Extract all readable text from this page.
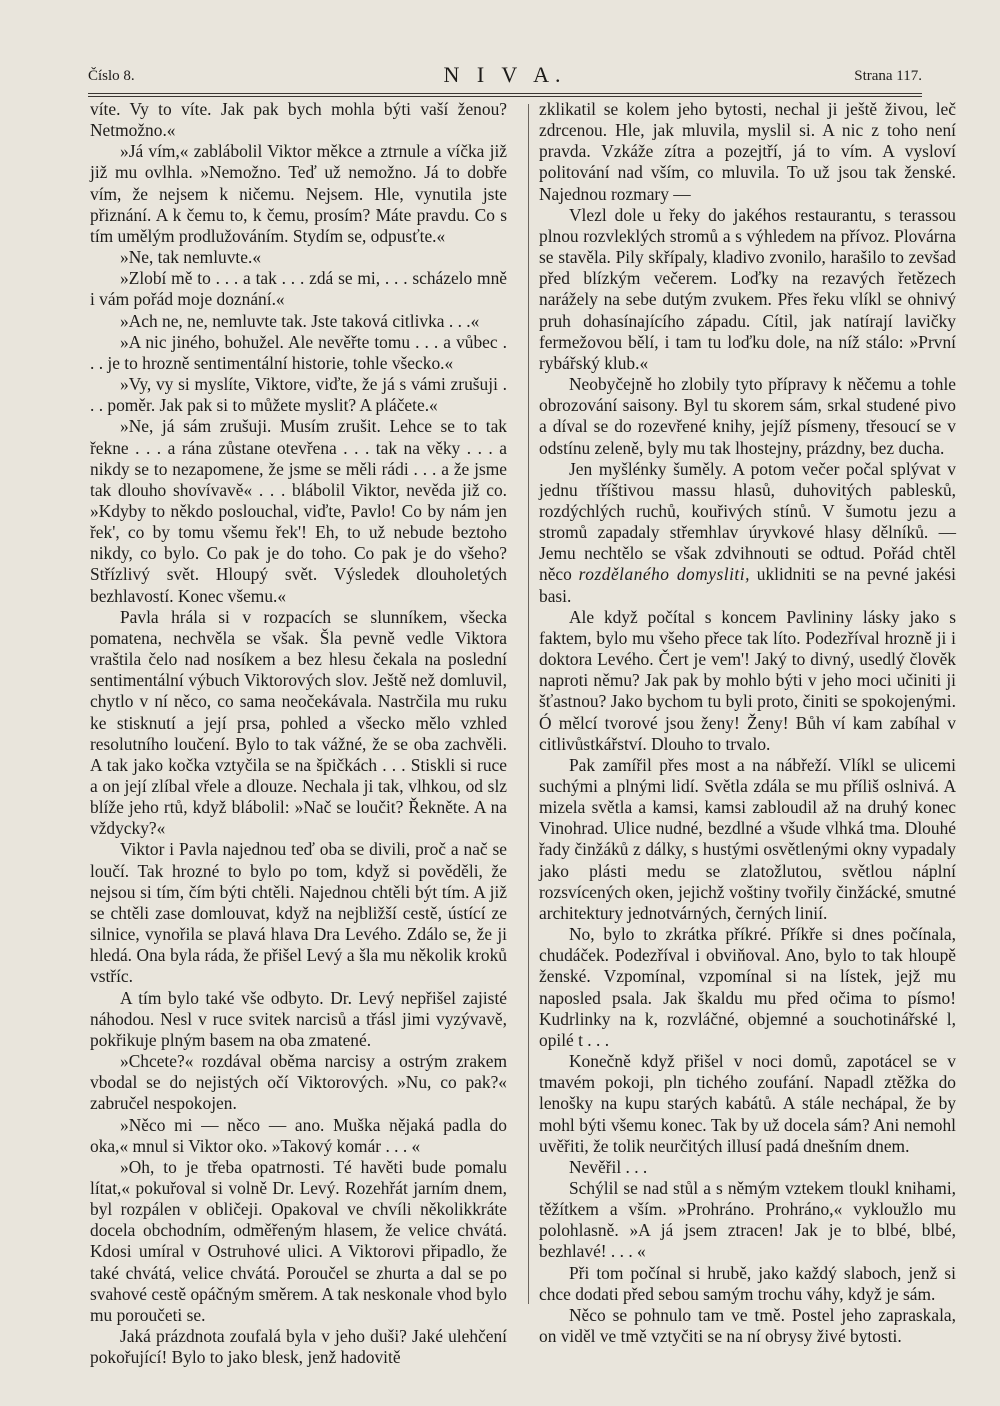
Číslo 8.	N I V A.	Strana 117.

víte. Vy to víte. Jak pak bych mohla býti vaší ženou? Netmožno.«

»Já vím,« zablábolil Viktor měkce a ztrnule a víčka již již mu ovlhla. »Nemožno. Teď už nemožno. Já to dobře vím, že nejsem k ničemu. Nejsem. Hle, vynutila jste přiznání. A k čemu to, k čemu, prosím? Máte pravdu. Co s tím umělým prodlužováním. Stydím se, odpusťte.«

»Ne, tak nemluvte.«

»Zlobí mě to . . . a tak . . . zdá se mi, . . . scházelo mně i vám pořád moje doznání.«

»Ach ne, ne, nemluvte tak. Jste taková citlivka . . .«

»A nic jiného, bohužel. Ale nevěřte tomu . . . a vůbec . . . je to hrozně sentimentální historie, tohle všecko.«

»Vy, vy si myslíte, Viktore, viďte, že já s vámi zrušuji . . . poměr. Jak pak si to můžete myslit? A pláčete.«

»Ne, já sám zrušuji. Musím zrušit. Lehce se to tak řekne . . . a rána zůstane otevřena . . . tak na věky . . . a nikdy se to nezapomene, že jsme se měli rádi . . . a že jsme tak dlouho shovívavě« . . . blábolil Viktor, nevěda již co. »Kdyby to někdo poslouchal, viďte, Pavlo! Co by nám jen řek', co by tomu všemu řek'! Eh, to už nebude beztoho nikdy, co bylo. Co pak je do toho. Co pak je do všeho? Střízlivý svět. Hloupý svět. Výsledek dlouholetých bezhlavostí. Konec všemu.«

Pavla hrála si v rozpacích se slunníkem, všecka pomatena, nechvěla se však. Šla pevně vedle Viktora vraštila čelo nad nosíkem a bez hlesu čekala na poslední sentimentální výbuch Viktorových slov. Ještě než domluvil, chytlo v ní něco, co sama neočekávala. Nastrčila mu ruku ke stisknutí a její prsa, pohled a všecko mělo vzhled resolutního loučení. Bylo to tak vážné, že se oba zachvěli. A tak jako kočka vztyčila se na špičkách . . . Stiskli si ruce a on její zlíbal vřele a dlouze. Nechala ji tak, vlhkou, od slz blíže jeho rtů, když blábolil: »Nač se loučit? Řekněte. A na vždycky?«

Viktor i Pavla najednou teď oba se divili, proč a nač se loučí. Tak hrozné to bylo po tom, když si pověděli, že nejsou si tím, čím býti chtěli. Najednou chtěli být tím. A již se chtěli zase domlouvat, když na nejbližší cestě, ústící ze silnice, vynořila se plavá hlava Dra Levého. Zdálo se, že ji hledá. Ona byla ráda, že přišel Levý a šla mu několik kroků vstříc.

A tím bylo také vše odbyto. Dr. Levý nepřišel zajisté náhodou. Nesl v ruce svitek narcisů a třásl jimi vyzývavě, pokřikuje plným basem na oba zmatené.

»Chcete?« rozdával oběma narcisy a ostrým zrakem vbodal se do nejistých očí Viktorových. »Nu, co pak?« zabručel nespokojen.

»Něco mi — něco — ano. Muška nějaká padla do oka,« mnul si Viktor oko. »Takový komár . . . «

»Oh, to je třeba opatrnosti. Té havěti bude pomalu lítat,« pokuřoval si volně Dr. Levý. Rozehřát jarním dnem, byl rozpálen v obličeji. Opakoval ve chvíli několikkráte docela obchodním, odměřeným hlasem, že velice chvátá. Kdosi umíral v Ostruhové ulici. A Viktorovi připadlo, že také chvátá, velice chvátá. Poroučel se zhurta a dal se po svahové cestě opáčným směrem. A tak neskonale vhod bylo mu poroučeti se.

Jaká prázdnota zoufalá byla v jeho duši? Jaké ulehčení pokořující! Bylo to jako blesk, jenž hadovitě

zklikatil se kolem jeho bytosti, nechal ji ještě živou, leč zdrcenou. Hle, jak mluvila, myslil si. A nic z toho není pravda. Vzkáže zítra a pozejtří, já to vím. A vysloví politování nad vším, co mluvila. To už jsou tak ženské. Najednou rozmary —

Vlezl dole u řeky do jakéhos restaurantu, s terassou plnou rozvleklých stromů a s výhledem na přívoz. Plovárna se stavěla. Pily skřípaly, kladivo zvonilo, harašilo to zevšad před blízkým večerem. Loďky na rezavých řetězech narážely na sebe dutým zvukem. Přes řeku vlíkl se ohnivý pruh dohasínajícího západu. Cítil, jak natírají lavičky fermežovou bělí, i tam tu loďku dole, na níž stálo: »První rybářský klub.«

Neobyčejně ho zlobily tyto přípravy k něčemu a tohle obrozování saisony. Byl tu skorem sám, srkal studené pivo a díval se do rozevřené knihy, jejíž písmeny, třesoucí se v odstínu zeleně, byly mu tak lhostejny, prázdny, bez ducha.

Jen myšlénky šuměly. A potom večer počal splývat v jednu tříštivou massu hlasů, duhovitých pablesků, rozdýchlých ruchů, kouřivých stínů. V šumotu jezu a stromů zapadaly střemhlav úryvkové hlasy dělníků. — Jemu nechtělo se však zdvihnouti se odtud. Pořád chtěl něco rozdělaného domysliti, uklidniti se na pevné jakési basi.

Ale když počítal s koncem Pavlininy lásky jako s faktem, bylo mu všeho přece tak líto. Podezříval hrozně ji i doktora Levého. Čert je vem'! Jaký to divný, usedlý člověk naproti němu? Jak pak by mohlo býti v jeho moci učiniti ji šťastnou? Jako bychom tu byli proto, činiti se spokojenými. Ó mělcí tvorové jsou ženy! Ženy! Bůh ví kam zabíhal v citlivůstkářství. Dlouho to trvalo.

Pak zamířil přes most a na nábřeží. Vlíkl se ulicemi suchými a plnými lidí. Světla zdála se mu příliš oslnivá. A mizela světla a kamsi, kamsi zabloudil až na druhý konec Vinohrad. Ulice nudné, bezdlné a všude vlhká tma. Dlouhé řady činžáků z dálky, s hustými osvětlenými okny vypadaly jako plásti medu se zlatožlutou, světlou náplní rozsvícených oken, jejichž voštiny tvořily činžácké, smutné architektury jednotvárných, černých linií.

No, bylo to zkrátka příkré. Příkře si dnes počínala, chudáček. Podezříval i obviňoval. Ano, bylo to tak hloupě ženské. Vzpomínal, vzpomínal si na lístek, jejž mu naposled psala. Jak škaldu mu před očima to písmo! Kudrlinky na k, rozvláčné, objemné a souchotinářské l, opilé t . . .

Konečně když přišel v noci domů, zapotácel se v tmavém pokoji, pln tichého zoufání. Napadl ztěžka do lenošky na kupu starých kabátů. A stále nechápal, že by mohl býti všemu konec. Tak by už docela sám? Ani nemohl uvěřiti, že tolik neurčitých illusí padá dnešním dnem.

Nevěřil . . .

Schýlil se nad stůl a s němým vztekem tloukl knihami, těžítkem a vším. »Prohráno. Prohráno,« vykloužlo mu polohlasně. »A já jsem ztracen! Jak je to blbé, blbé, bezhlavé! . . . «

Při tom počínal si hrubě, jako každý slaboch, jenž si chce dodati před sebou samým trochu váhy, když je sám.

Něco se pohnulo tam ve tmě. Postel jeho zapraskala, on viděl ve tmě vztyčiti se na ní obrysy živé bytosti.
